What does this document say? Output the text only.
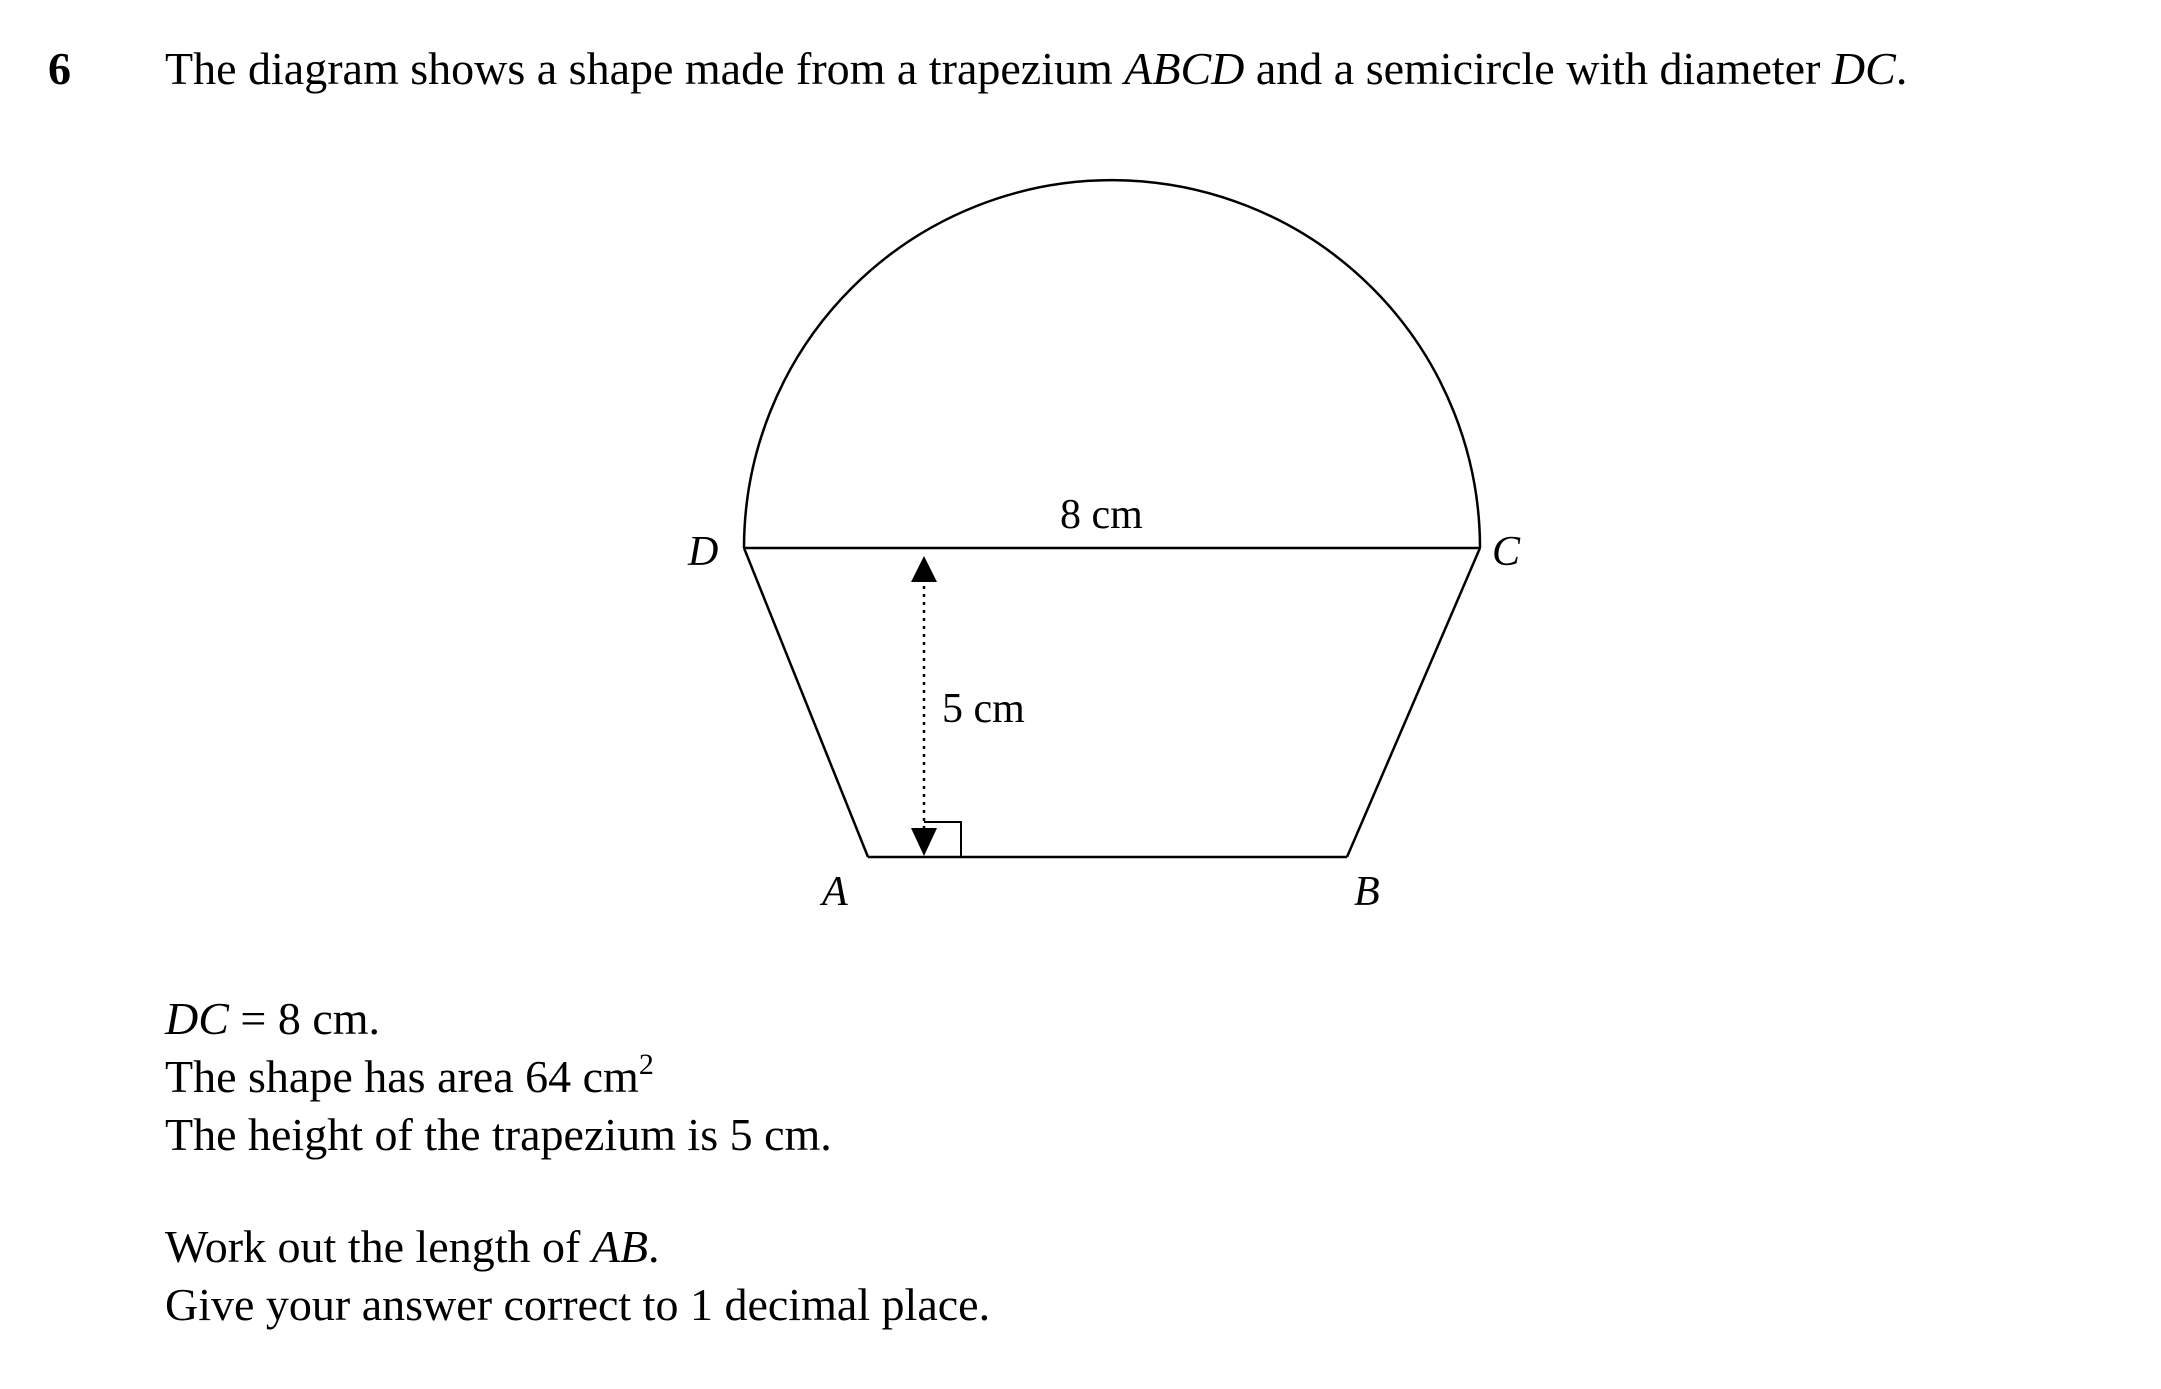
6 The diagram shows a shape made from a trapezium ABCD and a semicircle with diameter DC.
D	C
A	B
8 cm
5 cm
DC = 8 cm.
The shape has area 64 $cm^2$
The height of the trapezium is 5 cm.
Work out the length of AB.
Give your answer correct to 1 decimal place.
